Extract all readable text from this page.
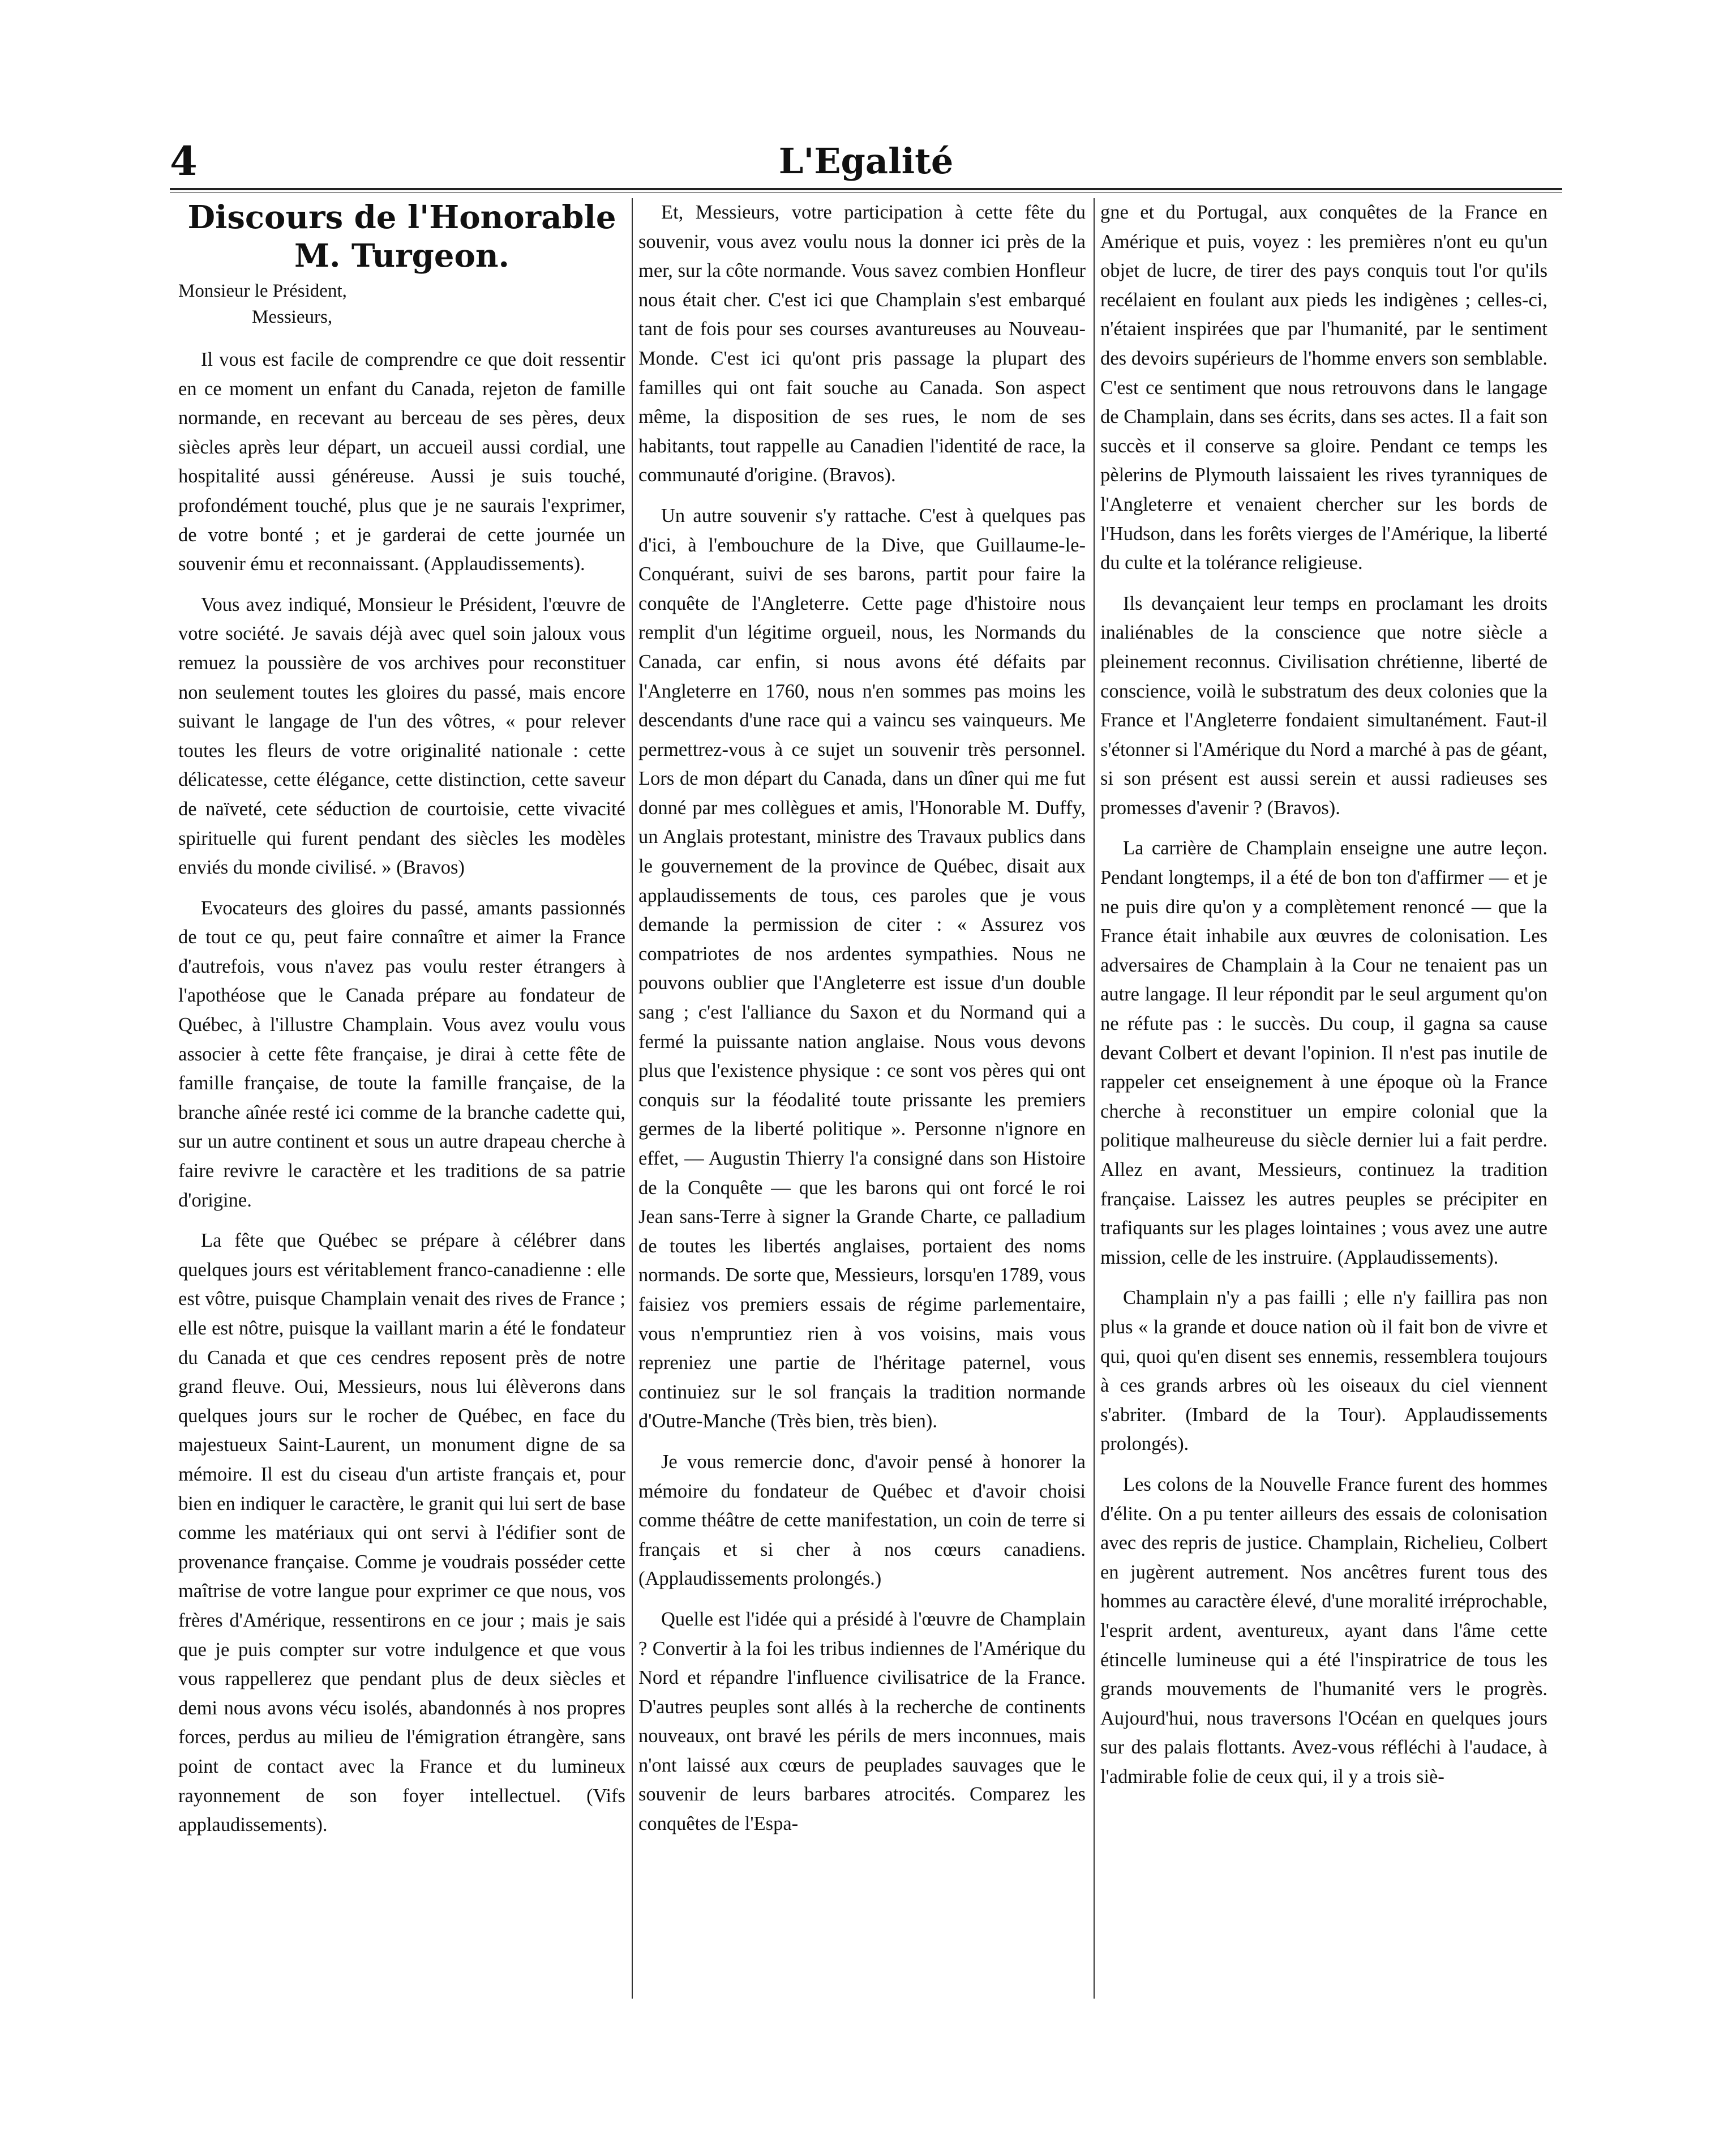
4	L'Egalité
Discours de l'Honorable M. Turgeon.
Monsieur le Président,
Messieurs,

Il vous est facile de comprendre ce que doit ressentir en ce moment un enfant du Canada, rejeton de famille normande, en recevant au berceau de ses pères, deux siècles après leur départ, un accueil aussi cordial, une hospitalité aussi généreuse. Aussi je suis touché, profondément touché, plus que je ne saurais l'exprimer, de votre bonté ; et je garderai de cette journée un souvenir ému et reconnaissant. (Applaudissements).

Vous avez indiqué, Monsieur le Président, l'œuvre de votre société. Je savais déjà avec quel soin jaloux vous remuez la poussière de vos archives pour reconstituer non seulement toutes les gloires du passé, mais encore suivant le langage de l'un des vôtres, « pour relever toutes les fleurs de votre originalité nationale : cette délicatesse, cette élégance, cette distinction, cette saveur de naïveté, cete séduction de courtoisie, cette vivacité spirituelle qui furent pendant des siècles les modèles enviés du monde civilisé. » (Bravos)

Evocateurs des gloires du passé, amants passionnés de tout ce qu, peut faire connaître et aimer la France d'autrefois, vous n'avez pas voulu rester étrangers à l'apothéose que le Canada prépare au fondateur de Québec, à l'illustre Champlain. Vous avez voulu vous associer à cette fête française, je dirai à cette fête de famille française, de toute la famille française, de la branche aînée resté ici comme de la branche cadette qui, sur un autre continent et sous un autre drapeau cherche à faire revivre le caractère et les traditions de sa patrie d'origine.

La fête que Québec se prépare à célébrer dans quelques jours est véritablement franco-canadienne : elle est vôtre, puisque Champlain venait des rives de France ; elle est nôtre, puisque la vaillant marin a été le fondateur du Canada et que ces cendres reposent près de notre grand fleuve. Oui, Messieurs, nous lui élèverons dans quelques jours sur le rocher de Québec, en face du majestueux Saint-Laurent, un monument digne de sa mémoire. Il est du ciseau d'un artiste français et, pour bien en indiquer le caractère, le granit qui lui sert de base comme les matériaux qui ont servi à l'édifier sont de provenance française. Comme je voudrais posséder cette maîtrise de votre langue pour exprimer ce que nous, vos frères d'Amérique, ressentirons en ce jour ; mais je sais que je puis compter sur votre indulgence et que vous vous rappellerez que pendant plus de deux siècles et demi nous avons vécu isolés, abandonnés à nos propres forces, perdus au milieu de l'émigration étrangère, sans point de contact avec la France et du lumineux rayonnement de son foyer intellectuel. (Vifs applaudissements).

Et, Messieurs, votre participation à cette fête du souvenir, vous avez voulu nous la donner ici près de la mer, sur la côte normande. Vous savez combien Honfleur nous était cher. C'est ici que Champlain s'est embarqué tant de fois pour ses courses avantureuses au Nouveau-Monde. C'est ici qu'ont pris passage la plupart des familles qui ont fait souche au Canada. Son aspect même, la disposition de ses rues, le nom de ses habitants, tout rappelle au Canadien l'identité de race, la communauté d'origine. (Bravos).

Un autre souvenir s'y rattache. C'est à quelques pas d'ici, à l'embouchure de la Dive, que Guillaume-le-Conquérant, suivi de ses barons, partit pour faire la conquête de l'Angleterre. Cette page d'histoire nous remplit d'un légitime orgueil, nous, les Normands du Canada, car enfin, si nous avons été défaits par l'Angleterre en 1760, nous n'en sommes pas moins les descendants d'une race qui a vaincu ses vainqueurs. Me permettrez-vous à ce sujet un souvenir très personnel. Lors de mon départ du Canada, dans un dîner qui me fut donné par mes collègues et amis, l'Honorable M. Duffy, un Anglais protestant, ministre des Travaux publics dans le gouvernement de la province de Québec, disait aux applaudissements de tous, ces paroles que je vous demande la permission de citer : « Assurez vos compatriotes de nos ardentes sympathies. Nous ne pouvons oublier que l'Angleterre est issue d'un double sang ; c'est l'alliance du Saxon et du Normand qui a fermé la puissante nation anglaise. Nous vous devons plus que l'existence physique : ce sont vos pères qui ont conquis sur la féodalité toute prissante les premiers germes de la liberté politique ». Personne n'ignore en effet, — Augustin Thierry l'a consigné dans son Histoire de la Conquête — que les barons qui ont forcé le roi Jean sans-Terre à signer la Grande Charte, ce palladium de toutes les libertés anglaises, portaient des noms normands. De sorte que, Messieurs, lorsqu'en 1789, vous faisiez vos premiers essais de régime parlementaire, vous n'empruntiez rien à vos voisins, mais vous repreniez une partie de l'héritage paternel, vous continuiez sur le sol français la tradition normande d'Outre-Manche (Très bien, très bien).

Je vous remercie donc, d'avoir pensé à honorer la mémoire du fondateur de Québec et d'avoir choisi comme théâtre de cette manifestation, un coin de terre si français et si cher à nos cœurs canadiens. (Applaudissements prolongés.)

Quelle est l'idée qui a présidé à l'œuvre de Champlain ? Convertir à la foi les tribus indiennes de l'Amérique du Nord et répandre l'influence civilisatrice de la France. D'autres peuples sont allés à la recherche de continents nouveaux, ont bravé les périls de mers inconnues, mais n'ont laissé aux cœurs de peuplades sauvages que le souvenir de leurs barbares atrocités. Comparez les conquêtes de l'Espa-

gne et du Portugal, aux conquêtes de la France en Amérique et puis, voyez : les premières n'ont eu qu'un objet de lucre, de tirer des pays conquis tout l'or qu'ils recélaient en foulant aux pieds les indigènes ; celles-ci, n'étaient inspirées que par l'humanité, par le sentiment des devoirs supérieurs de l'homme envers son semblable. C'est ce sentiment que nous retrouvons dans le langage de Champlain, dans ses écrits, dans ses actes. Il a fait son succès et il conserve sa gloire. Pendant ce temps les pèlerins de Plymouth laissaient les rives tyranniques de l'Angleterre et venaient chercher sur les bords de l'Hudson, dans les forêts vierges de l'Amérique, la liberté du culte et la tolérance religieuse.

Ils devançaient leur temps en proclamant les droits inaliénables de la conscience que notre siècle a pleinement reconnus. Civilisation chrétienne, liberté de conscience, voilà le substratum des deux colonies que la France et l'Angleterre fondaient simultanément. Faut-il s'étonner si l'Amérique du Nord a marché à pas de géant, si son présent est aussi serein et aussi radieuses ses promesses d'avenir ? (Bravos).

La carrière de Champlain enseigne une autre leçon. Pendant longtemps, il a été de bon ton d'affirmer — et je ne puis dire qu'on y a complètement renoncé — que la France était inhabile aux œuvres de colonisation. Les adversaires de Champlain à la Cour ne tenaient pas un autre langage. Il leur répondit par le seul argument qu'on ne réfute pas : le succès. Du coup, il gagna sa cause devant Colbert et devant l'opinion. Il n'est pas inutile de rappeler cet enseignement à une époque où la France cherche à reconstituer un empire colonial que la politique malheureuse du siècle dernier lui a fait perdre. Allez en avant, Messieurs, continuez la tradition française. Laissez les autres peuples se précipiter en trafiquants sur les plages lointaines ; vous avez une autre mission, celle de les instruire. (Applaudissements).

Champlain n'y a pas failli ; elle n'y faillira pas non plus « la grande et douce nation où il fait bon de vivre et qui, quoi qu'en disent ses ennemis, ressemblera toujours à ces grands arbres où les oiseaux du ciel viennent s'abriter. (Imbard de la Tour). Applaudissements prolongés).

Les colons de la Nouvelle France furent des hommes d'élite. On a pu tenter ailleurs des essais de colonisation avec des repris de justice. Champlain, Richelieu, Colbert en jugèrent autrement. Nos ancêtres furent tous des hommes au caractère élevé, d'une moralité irréprochable, l'esprit ardent, aventureux, ayant dans l'âme cette étincelle lumineuse qui a été l'inspiratrice de tous les grands mouvements de l'humanité vers le progrès. Aujourd'hui, nous traversons l'Océan en quelques jours sur des palais flottants. Avez-vous réfléchi à l'audace, à l'admirable folie de ceux qui, il y a trois siè-
